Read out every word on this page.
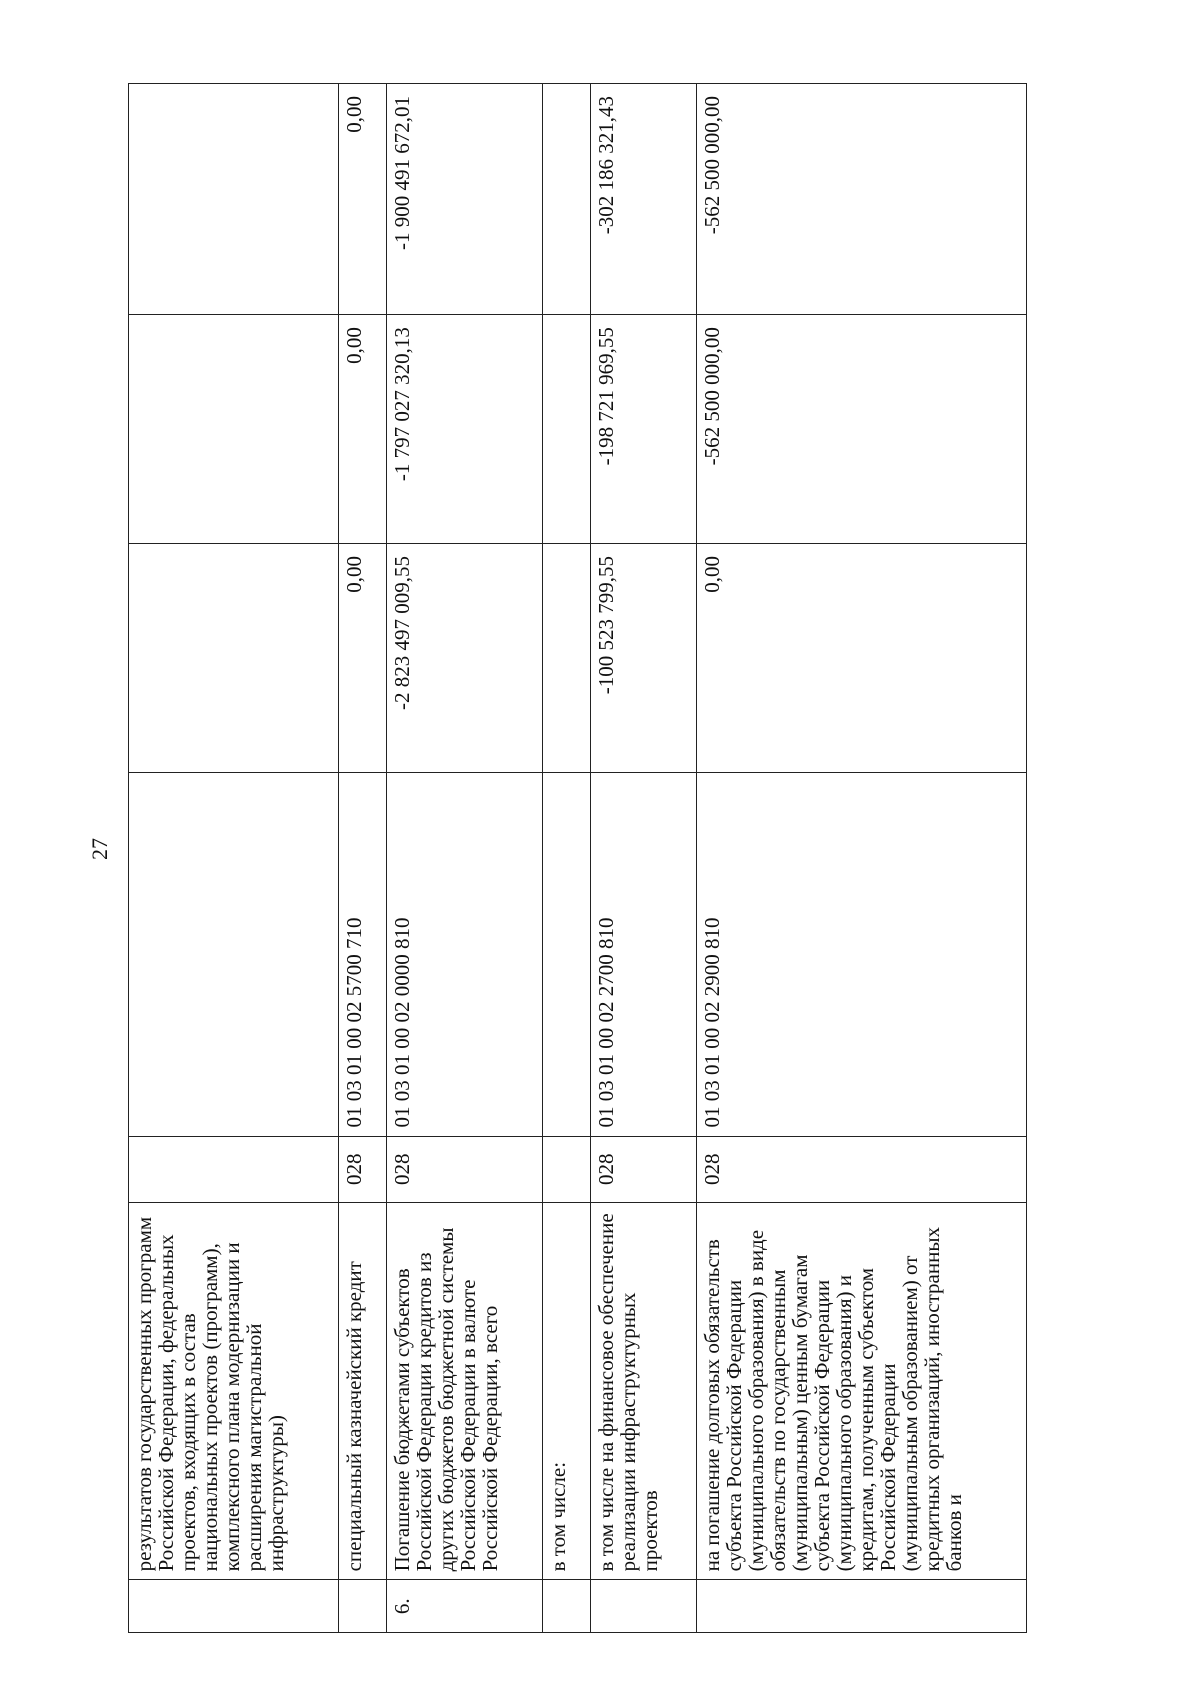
27
	результатов государственных программ Российской Федерации, федеральных проектов, входящих в состав национальных проектов (программ), комплексного плана модернизации и расширения магистральной инфраструктуры)					
	специальный казначейский кредит	028	01 03 01 00 02 5700 710	0,00	0,00	0,00
6.	Погашение бюджетами субъектов Российской Федерации кредитов из других бюджетов бюджетной системы Российской Федерации в валюте Российской Федерации, всего	028	01 03 01 00 02 0000 810	-2 823 497 009,55	-1 797 027 320,13	-1 900 491 672,01
	в том числе:					
	в том числе на финансовое обеспечение реализации инфраструктурных проектов	028	01 03 01 00 02 2700 810	-100 523 799,55	-198 721 969,55	-302 186 321,43
	на погашение долговых обязательств субъекта Российской Федерации (муниципального образования) в виде обязательств по государственным (муниципальным) ценным бумагам субъекта Российской Федерации (муниципального образования) и кредитам, полученным субъектом Российской Федерации (муниципальным образованием) от кредитных организаций, иностранных банков и	028	01 03 01 00 02 2900 810	0,00	-562 500 000,00	-562 500 000,00
